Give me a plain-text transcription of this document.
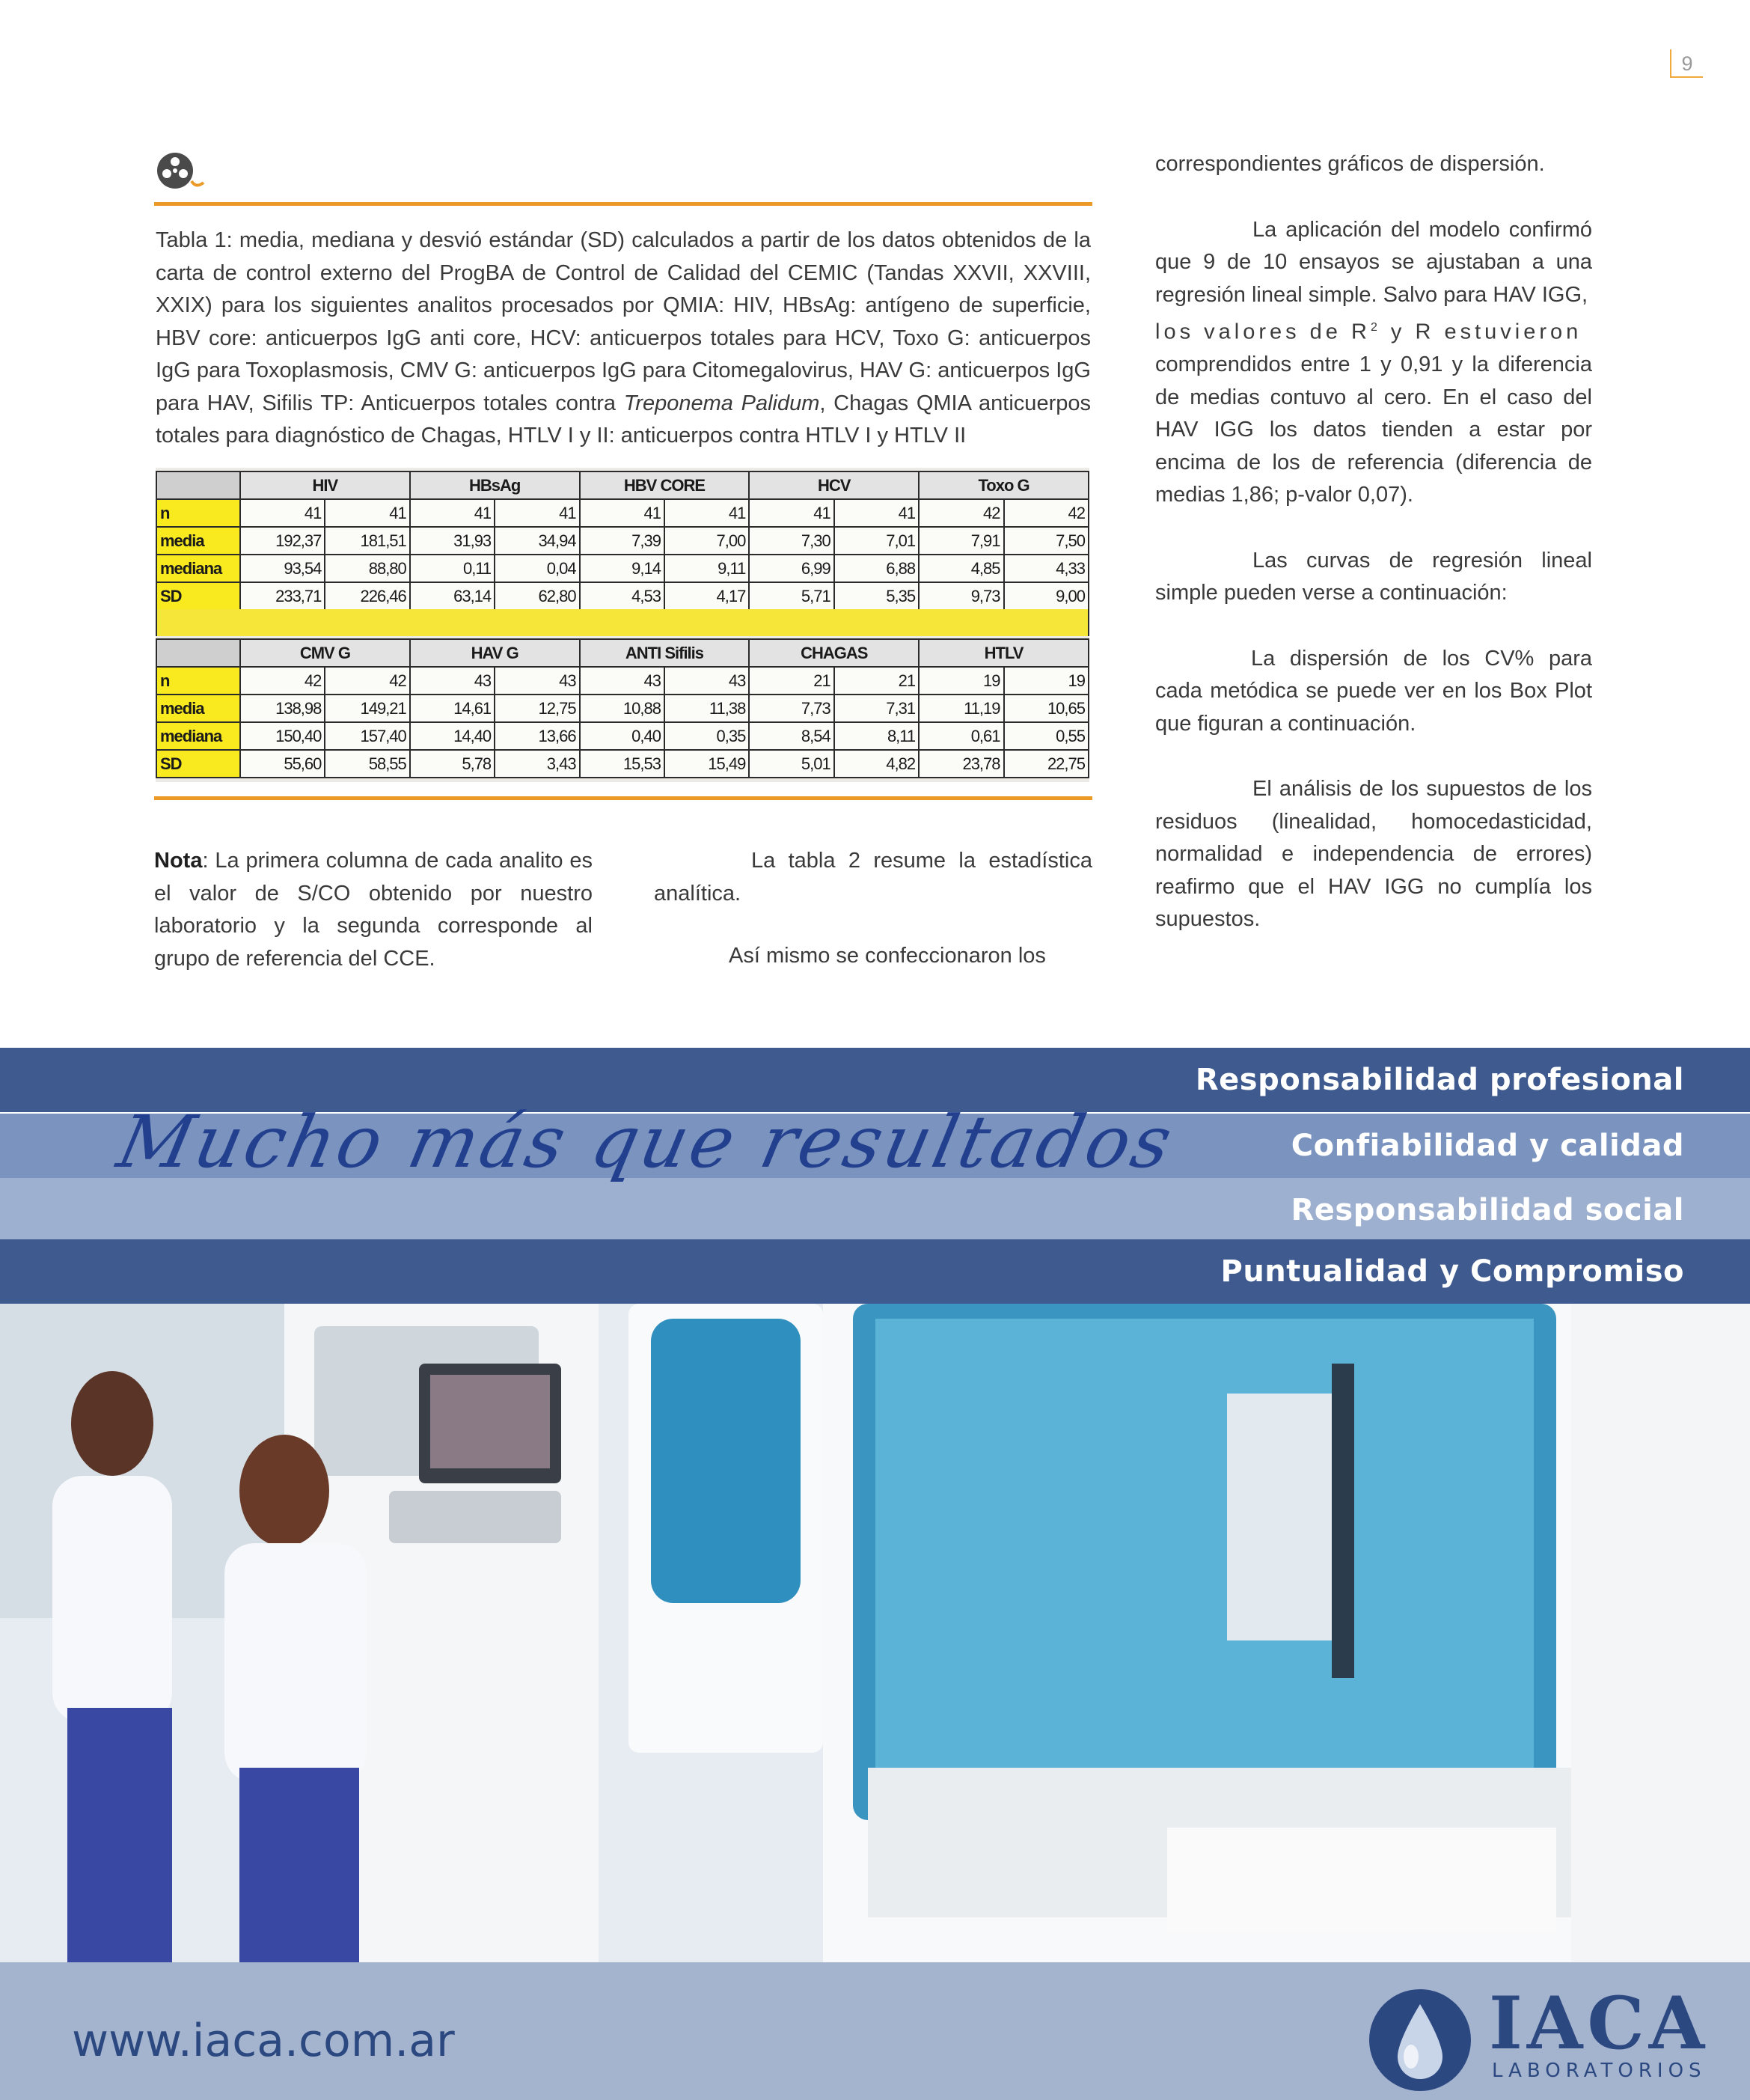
9

Tabla 1: media, mediana y desvió estándar (SD) calculados a partir de los datos obtenidos de la carta de control externo del ProgBA de Control de Calidad del CEMIC (Tandas XXVII, XXVIII, XXIX) para los siguientes analitos procesados por QMIA: HIV, HBsAg: antígeno de superficie, HBV core: anticuerpos IgG anti core, HCV: anticuerpos totales para HCV, Toxo G: anticuerpos IgG para Toxoplasmosis, CMV G: anticuerpos IgG para Citomegalovirus, HAV G: anticuerpos IgG para HAV, Sifilis TP: Anticuerpos totales contra Treponema Palidum, Chagas QMIA anticuerpos totales para diagnóstico de Chagas, HTLV I y II: anticuerpos contra HTLV I y HTLV II

	HIV		HBsAg		HBV CORE		HCV		Toxo G	
n	41	41	41	41	41	41	41	41	42	42
media	192,37	181,51	31,93	34,94	7,39	7,00	7,30	7,01	7,91	7,50
mediana	93,54	88,80	0,11	0,04	9,14	9,11	6,99	6,88	4,85	4,33
SD	233,71	226,46	63,14	62,80	4,53	4,17	5,71	5,35	9,73	9,00
	CMV G		HAV G		ANTI Sifilis		CHAGAS		HTLV	
n	42	42	43	43	43	43	21	21	19	19
media	138,98	149,21	14,61	12,75	10,88	11,38	7,73	7,31	11,19	10,65
mediana	150,40	157,40	14,40	13,66	0,40	0,35	8,54	8,11	0,61	0,55
SD	55,60	58,55	5,78	3,43	15,53	15,49	5,01	4,82	23,78	22,75

Nota: La primera columna de cada analito es el valor de S/CO obtenido por nuestro laboratorio y la segunda corresponde al grupo de referencia del CCE.

La tabla 2 resume la estadística analítica.

Así mismo se confeccionaron los

correspondientes gráficos de dispersión.

La aplicación del modelo confirmó que 9 de 10 ensayos se ajustaban a una regresión lineal simple. Salvo para HAV IGG,

los valores de $R^2$ y R estuvieron

comprendidos entre 1 y 0,91 y la diferencia de medias contuvo al cero. En el caso del HAV IGG los datos tienden a estar por encima de los de referencia (diferencia de medias 1,86; p-valor 0,07).

Las curvas de regresión lineal simple pueden verse a continuación:

La dispersión de los CV% para cada metódica se puede ver en los Box Plot que figuran a continuación.

El análisis de los supuestos de los residuos (linealidad, homocedasticidad, normalidad e independencia de errores) reafirmo que el HAV IGG no cumplía los supuestos.

Responsabilidad profesional
Confiabilidad y calidad
Responsabilidad social
Puntualidad y Compromiso
Mucho más que resultados
www.iaca.com.ar	IACA
LABORATORIOS
